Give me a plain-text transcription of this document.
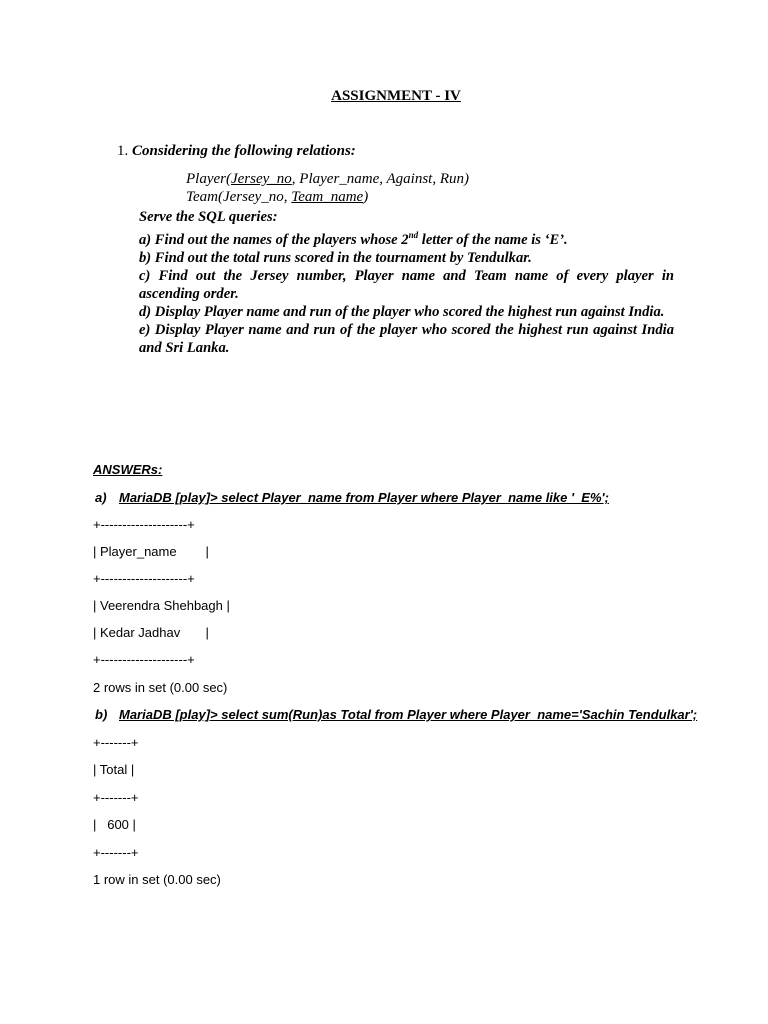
ASSIGNMENT - IV
1. Considering the following relations:
Player(Jersey_no, Player_name, Against, Run)
Team(Jersey_no, Team_name)
Serve the SQL queries:
a) Find out the names of the players whose 2nd letter of the name is ‘E’.
b) Find out the total runs scored in the tournament by Tendulkar.
c) Find out the Jersey number, Player name and Team name of every player in ascending order.
d) Display Player name and run of the player who scored the highest run against India.
e) Display Player name and run of the player who scored the highest run against India and Sri Lanka.
ANSWERs:
a) MariaDB [play]> select Player_name from Player where Player_name like '_E%';
+--------------------+
| Player_name        |
+--------------------+
| Veerendra Shehbagh |
| Kedar Jadhav       |
+--------------------+
2 rows in set (0.00 sec)
b) MariaDB [play]> select sum(Run)as Total from Player where Player_name='Sachin Tendulkar';
+-------+
| Total |
+-------+
|   600 |
+-------+
1 row in set (0.00 sec)
